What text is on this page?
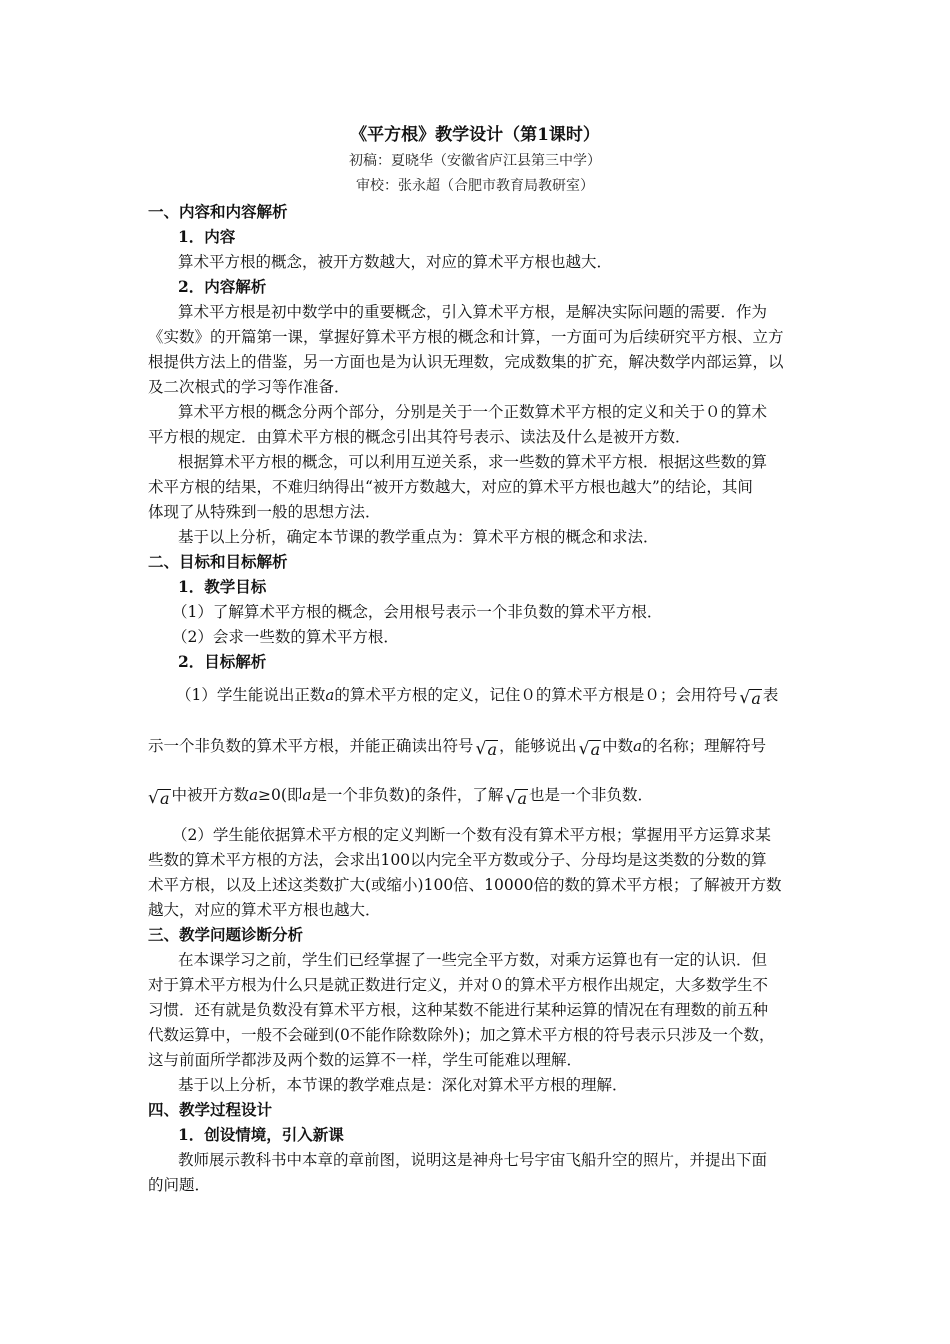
《平方根》教学设计（第1课时）
初稿：夏晓华（安徽省庐江县第三中学）
审校：张永超（合肥市教育局教研室）
一、内容和内容解析
1．内容
算术平方根的概念，被开方数越大，对应的算术平方根也越大．
2．内容解析
算术平方根是初中数学中的重要概念，引入算术平方根，是解决实际问题的需要．作为
《实数》的开篇第一课，掌握好算术平方根的概念和计算，一方面可为后续研究平方根、立方
根提供方法上的借鉴，另一方面也是为认识无理数，完成数集的扩充，解决数学内部运算，以
及二次根式的学习等作准备．
算术平方根的概念分两个部分，分别是关于一个正数算术平方根的定义和关于０的算术
平方根的规定．由算术平方根的概念引出其符号表示、读法及什么是被开方数．
根据算术平方根的概念，可以利用互逆关系，求一些数的算术平方根．根据这些数的算
术平方根的结果，不难归纳得出“被开方数越大，对应的算术平方根也越大”的结论，其间
体现了从特殊到一般的思想方法．
基于以上分析，确定本节课的教学重点为：算术平方根的概念和求法．
二、目标和目标解析
1．教学目标
（1）了解算术平方根的概念，会用根号表示一个非负数的算术平方根．
（2）会求一些数的算术平方根．
2．目标解析
（1）学生能说出正数a的算术平方根的定义，记住０的算术平方根是０；会用符号 √ a 表
示一个非负数的算术平方根，并能正确读出符号 √ a ，能够说出 √ a 中数a的名称；理解符号
√ a 中被开方数a≥0(即a是一个非负数)的条件，了解 √ a 也是一个非负数．
（2）学生能依据算术平方根的定义判断一个数有没有算术平方根；掌握用平方运算求某
些数的算术平方根的方法，会求出100以内完全平方数或分子、分母均是这类数的分数的算
术平方根，以及上述这类数扩大(或缩小)100倍、10000倍的数的算术平方根；了解被开方数
越大，对应的算术平方根也越大．
三、教学问题诊断分析
在本课学习之前，学生们已经掌握了一些完全平方数，对乘方运算也有一定的认识．但
对于算术平方根为什么只是就正数进行定义，并对０的算术平方根作出规定，大多数学生不
习惯．还有就是负数没有算术平方根，这种某数不能进行某种运算的情况在有理数的前五种
代数运算中，一般不会碰到(0不能作除数除外)；加之算术平方根的符号表示只涉及一个数，
这与前面所学都涉及两个数的运算不一样，学生可能难以理解．
基于以上分析，本节课的教学难点是：深化对算术平方根的理解．
四、教学过程设计
1．创设情境，引入新课
教师展示教科书中本章的章前图，说明这是神舟七号宇宙飞船升空的照片，并提出下面
的问题．
